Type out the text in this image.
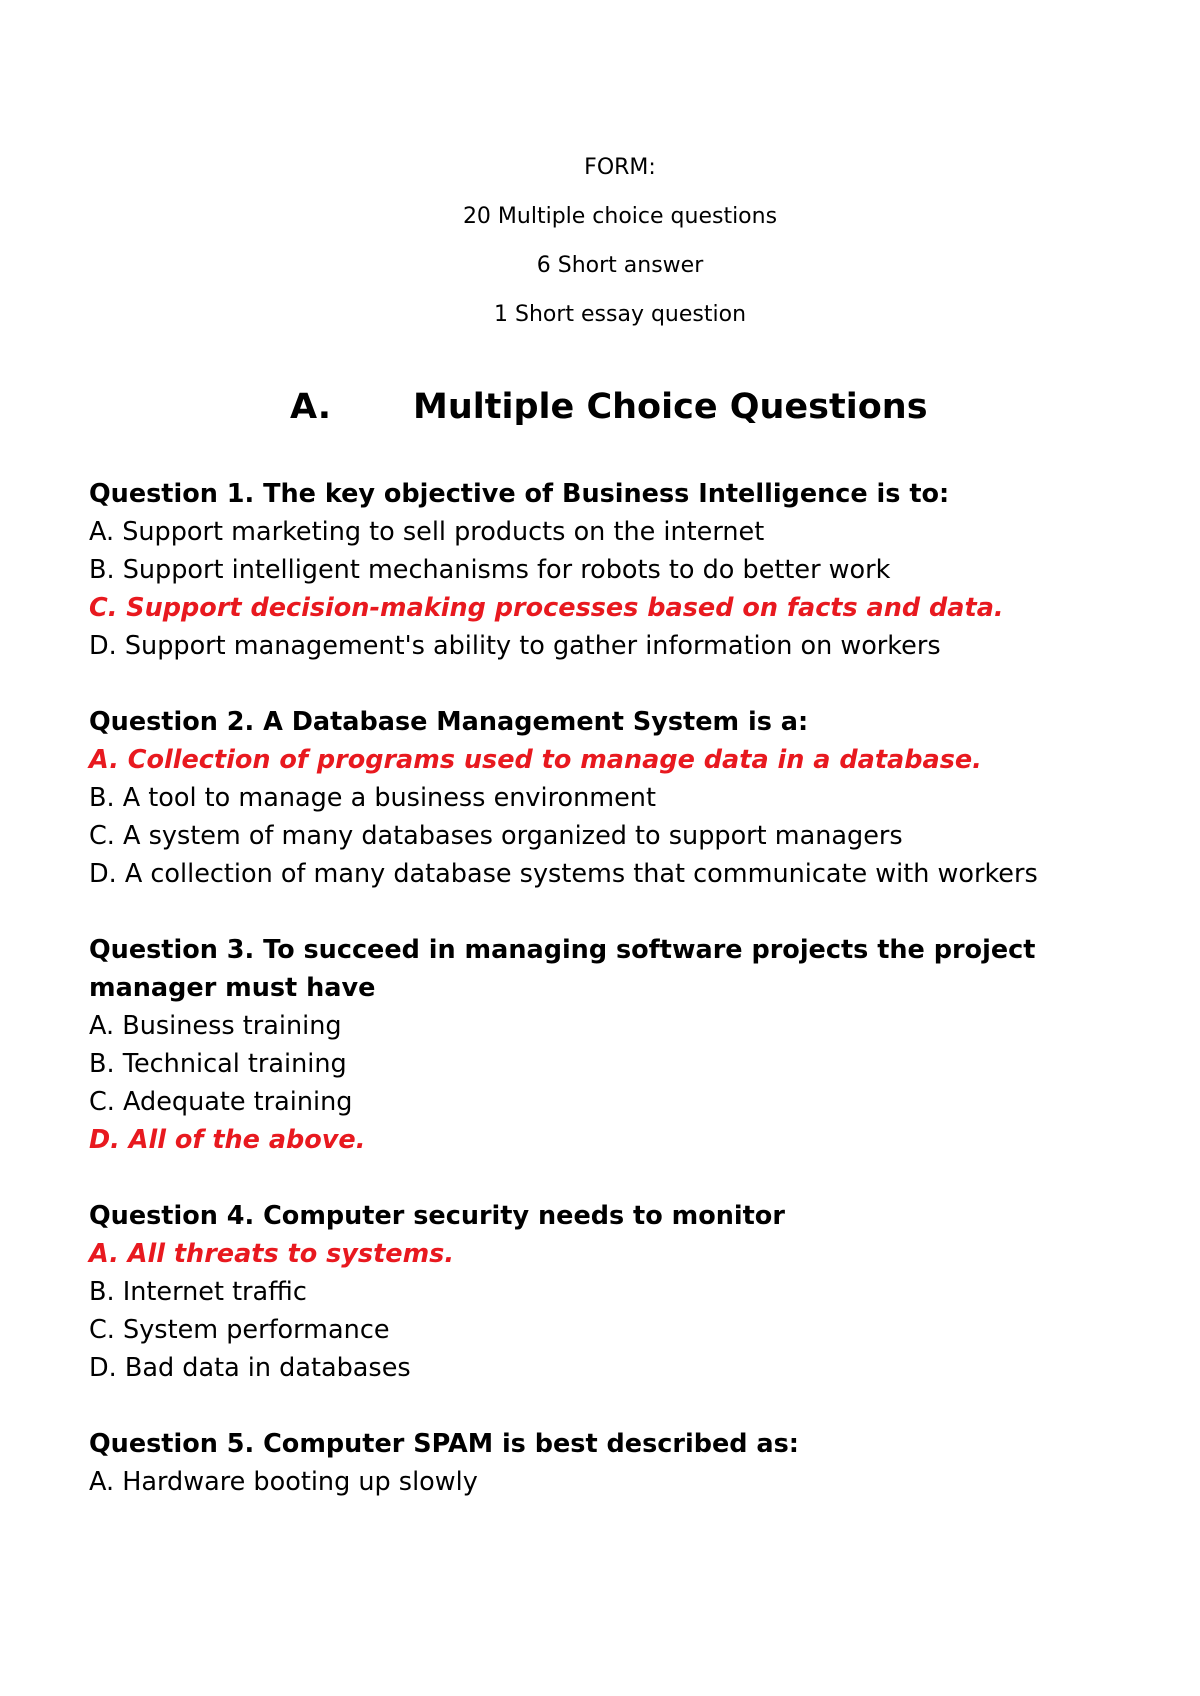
FORM:
20 Multiple choice questions
6 Short answer
1 Short essay question
A. Multiple Choice Questions
Question 1. The key objective of Business Intelligence is to:
A. Support marketing to sell products on the internet
B. Support intelligent mechanisms for robots to do better work
C. Support decision-making processes based on facts and data.
D. Support management's ability to gather information on workers
Question 2. A Database Management System is a:
A. Collection of programs used to manage data in a database.
B. A tool to manage a business environment
C. A system of many databases organized to support managers
D. A collection of many database systems that communicate with workers
Question 3. To succeed in managing software projects the project manager must have
A. Business training
B. Technical training
C. Adequate training
D. All of the above.
Question 4. Computer security needs to monitor
A. All threats to systems.
B. Internet traffic
C. System performance
D. Bad data in databases
Question 5. Computer SPAM is best described as:
A. Hardware booting up slowly
